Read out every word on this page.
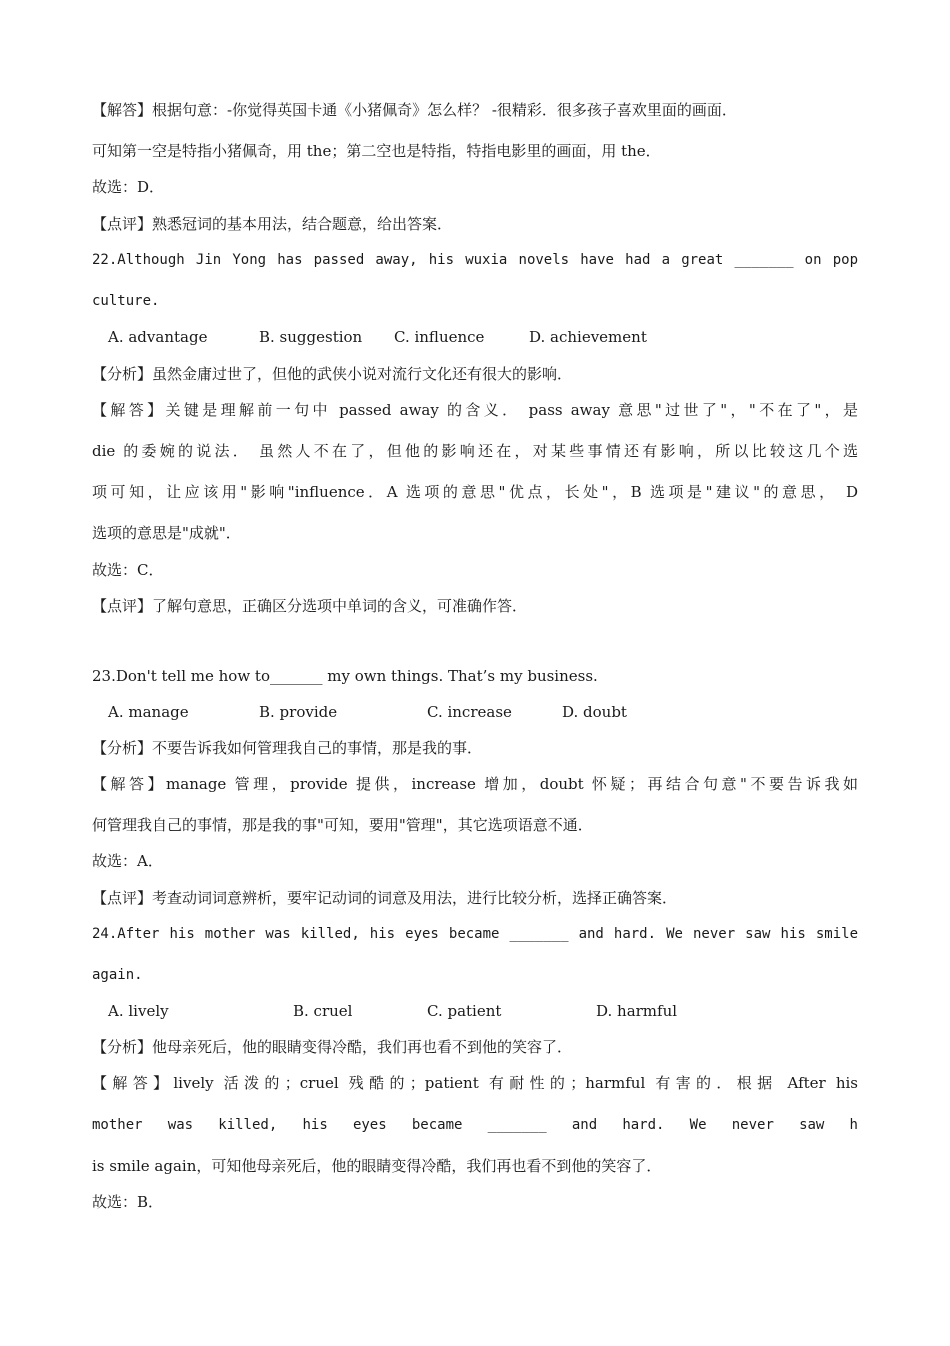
【解答】根据句意：-你觉得英国卡通《小猪佩奇》怎么样？ -很精彩．很多孩子喜欢里面的画面．
可知第一空是特指小猪佩奇，用 the；第二空也是特指，特指电影里的画面，用 the．
故选：D．
【点评】熟悉冠词的基本用法，结合题意，给出答案．
22.Although Jin Yong has passed away, his wuxia novels have had a great _______ on pop
culture.
A. advantage	B. suggestion C. influence	D. achievement
【分析】虽然金庸过世了，但他的武侠小说对流行文化还有很大的影响．
【解答】关键是理解前一句中 passed away 的含义． pass away 意思"过世了"，"不在了"，是
die 的委婉的说法． 虽然人不在了，但他的影响还在，对某些事情还有影响，所以比较这几个选
项可知，让应该用"影响"influence．A 选项的意思"优点，长处"，B 选项是"建议"的意思， D
选项的意思是"成就"．
故选：C．
【点评】了解句意思，正确区分选项中单词的含义，可准确作答．
23.Don't tell me how to_______ my own things. That’s my business.
A. manage	B. provide	C. increase	D. doubt
【分析】不要告诉我如何管理我自己的事情，那是我的事．
【解答】manage 管理，provide 提供，increase 增加，doubt 怀疑；再结合句意"不要告诉我如
何管理我自己的事情，那是我的事"可知，要用"管理"，其它选项语意不通．
故选：A．
【点评】考查动词词意辨析，要牢记动词的词意及用法，进行比较分析，选择正确答案．
24.After his mother was killed, his eyes became _______ and hard. We never saw his smile
again.
A. lively	B. cruel	C. patient	D. harmful
【分析】他母亲死后，他的眼睛变得冷酷，我们再也看不到他的笑容了．
【解答】lively 活泼的；cruel 残酷的；patient 有耐性的；harmful 有害的．根据 After his
mother was killed, his eyes became _______ and hard. We never saw h
is smile again，可知他母亲死后，他的眼睛变得冷酷，我们再也看不到他的笑容了．
故选：B．
